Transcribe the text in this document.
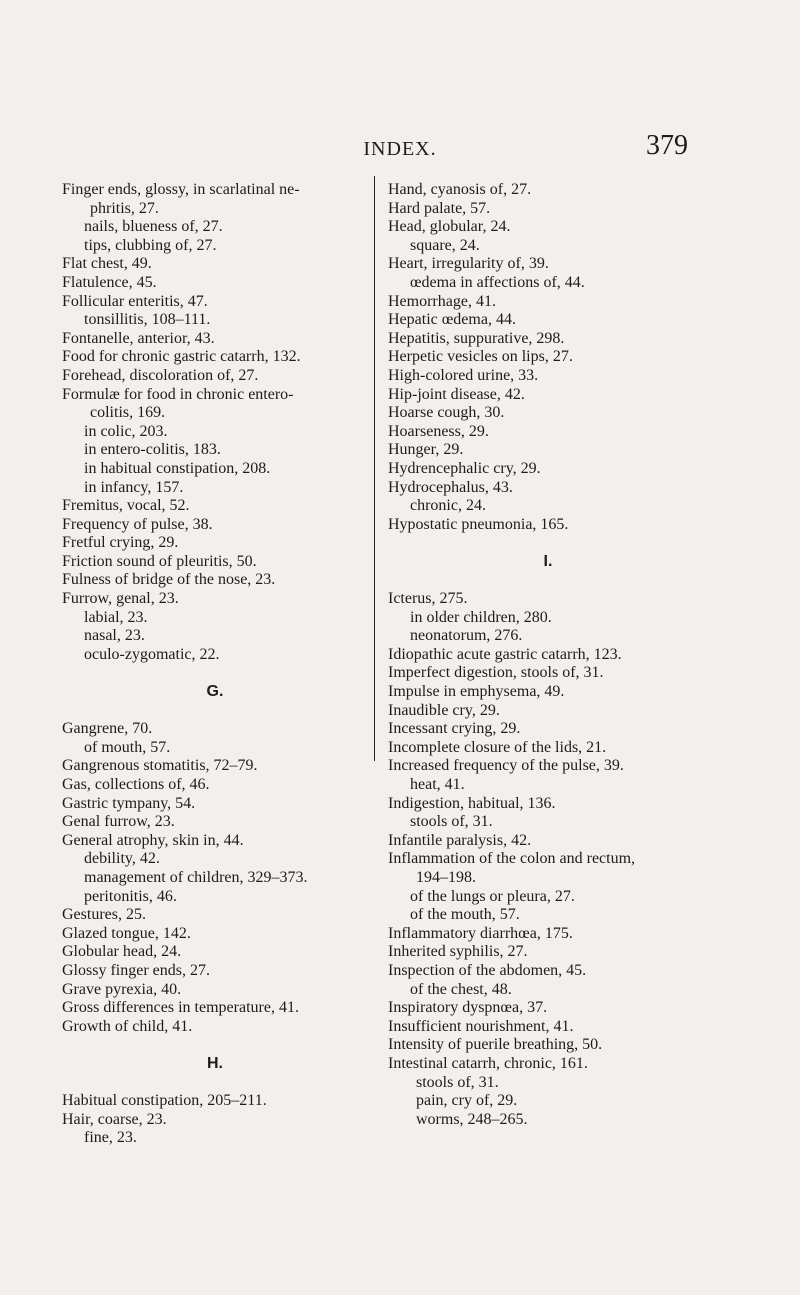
INDEX.	379
Finger ends, glossy, in scarlatinal ne-
phritis, 27.
nails, blueness of, 27.
tips, clubbing of, 27.
Flat chest, 49.
Flatulence, 45.
Follicular enteritis, 47.
tonsillitis, 108–111.
Fontanelle, anterior, 43.
Food for chronic gastric catarrh, 132.
Forehead, discoloration of, 27.
Formulæ for food in chronic entero-
colitis, 169.
in colic, 203.
in entero-colitis, 183.
in habitual constipation, 208.
in infancy, 157.
Fremitus, vocal, 52.
Frequency of pulse, 38.
Fretful crying, 29.
Friction sound of pleuritis, 50.
Fulness of bridge of the nose, 23.
Furrow, genal, 23.
labial, 23.
nasal, 23.
oculo-zygomatic, 22.
G.
Gangrene, 70.
of mouth, 57.
Gangrenous stomatitis, 72–79.
Gas, collections of, 46.
Gastric tympany, 54.
Genal furrow, 23.
General atrophy, skin in, 44.
debility, 42.
management of children, 329–373.
peritonitis, 46.
Gestures, 25.
Glazed tongue, 142.
Globular head, 24.
Glossy finger ends, 27.
Grave pyrexia, 40.
Gross differences in temperature, 41.
Growth of child, 41.
H.
Habitual constipation, 205–211.
Hair, coarse, 23.
fine, 23.
Hand, cyanosis of, 27.
Hard palate, 57.
Head, globular, 24.
square, 24.
Heart, irregularity of, 39.
œdema in affections of, 44.
Hemorrhage, 41.
Hepatic œdema, 44.
Hepatitis, suppurative, 298.
Herpetic vesicles on lips, 27.
High-colored urine, 33.
Hip-joint disease, 42.
Hoarse cough, 30.
Hoarseness, 29.
Hunger, 29.
Hydrencephalic cry, 29.
Hydrocephalus, 43.
chronic, 24.
Hypostatic pneumonia, 165.
I.
Icterus, 275.
in older children, 280.
neonatorum, 276.
Idiopathic acute gastric catarrh, 123.
Imperfect digestion, stools of, 31.
Impulse in emphysema, 49.
Inaudible cry, 29.
Incessant crying, 29.
Incomplete closure of the lids, 21.
Increased frequency of the pulse, 39.
heat, 41.
Indigestion, habitual, 136.
stools of, 31.
Infantile paralysis, 42.
Inflammation of the colon and rectum,
194–198.
of the lungs or pleura, 27.
of the mouth, 57.
Inflammatory diarrhœa, 175.
Inherited syphilis, 27.
Inspection of the abdomen, 45.
of the chest, 48.
Inspiratory dyspnœa, 37.
Insufficient nourishment, 41.
Intensity of puerile breathing, 50.
Intestinal catarrh, chronic, 161.
stools of, 31.
pain, cry of, 29.
worms, 248–265.
